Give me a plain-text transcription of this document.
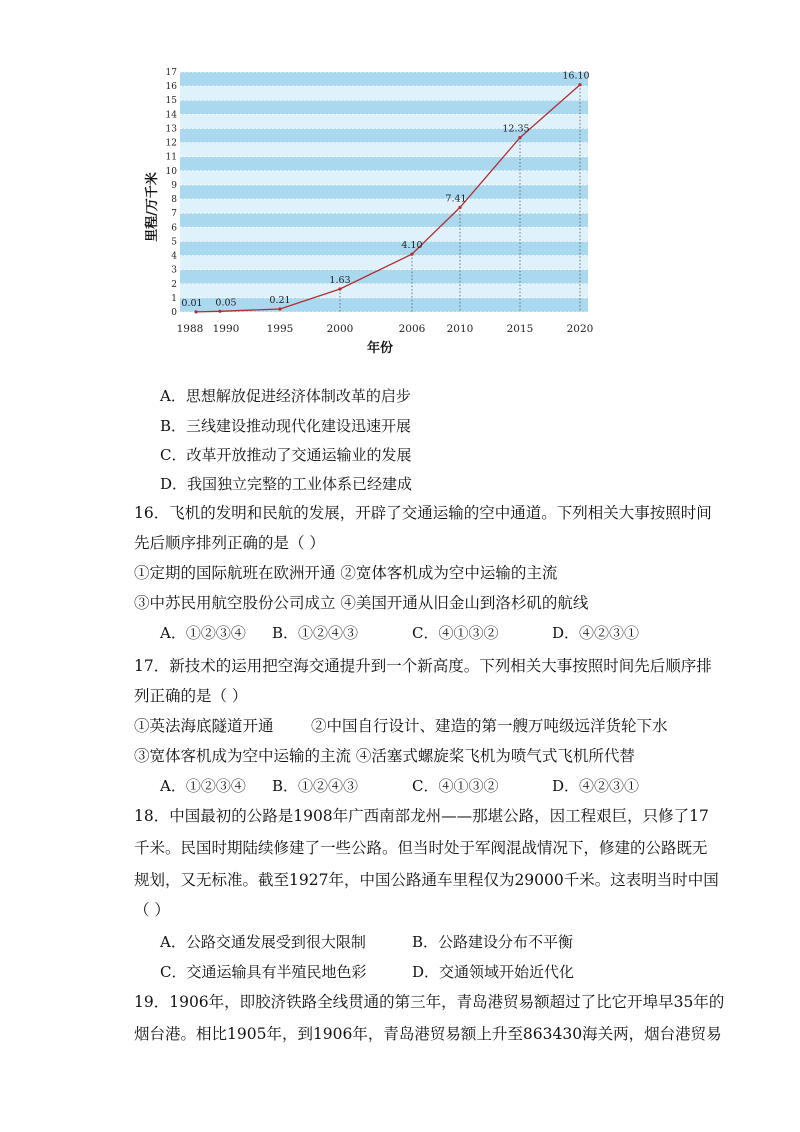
0
1
2
3
4
5
6
7
8
9
10
11
12
13
14
15
16
17
1988 1990	1995	2000	2006 2010	2015	2020
0.01 0.05	0.21
1.63
4.10
7.41
12.35
16.10
年份
里程/万千米
A．思想解放促进经济体制改革的启步
B．三线建设推动现代化建设迅速开展
C．改革开放推动了交通运输业的发展
D．我国独立完整的工业体系已经建成
16．飞机的发明和民航的发展，开辟了交通运输的空中通道。下列相关大事按照时间
先后顺序排列正确的是（ ）
①定期的国际航班在欧洲开通 ②宽体客机成为空中运输的主流
③中苏民用航空股份公司成立 ④美国开通从旧金山到洛杉矶的航线
A．①②③④ B．①②④③	C．④①③②	D．④②③①
17．新技术的运用把空海交通提升到一个新高度。下列相关大事按照时间先后顺序排
列正确的是（ ）
①英法海底隧道开通 ②中国自行设计、建造的第一艘万吨级远洋货轮下水
③宽体客机成为空中运输的主流 ④活塞式螺旋桨飞机为喷气式飞机所代替
A．①②③④ B．①②④③	C．④①③②	D．④②③①
18．中国最初的公路是1908年广西南部龙州——那堪公路，因工程艰巨，只修了17
千米。民国时期陆续修建了一些公路。但当时处于军阀混战情况下，修建的公路既无
规划，又无标准。截至1927年，中国公路通车里程仅为29000千米。这表明当时中国
（ ）
A．公路交通发展受到很大限制	B．公路建设分布不平衡
C．交通运输具有半殖民地色彩	D．交通领域开始近代化
19．1906年，即胶济铁路全线贯通的第三年，青岛港贸易额超过了比它开埠早35年的
烟台港。相比1905年，到1906年，青岛港贸易额上升至863430海关两，烟台港贸易
